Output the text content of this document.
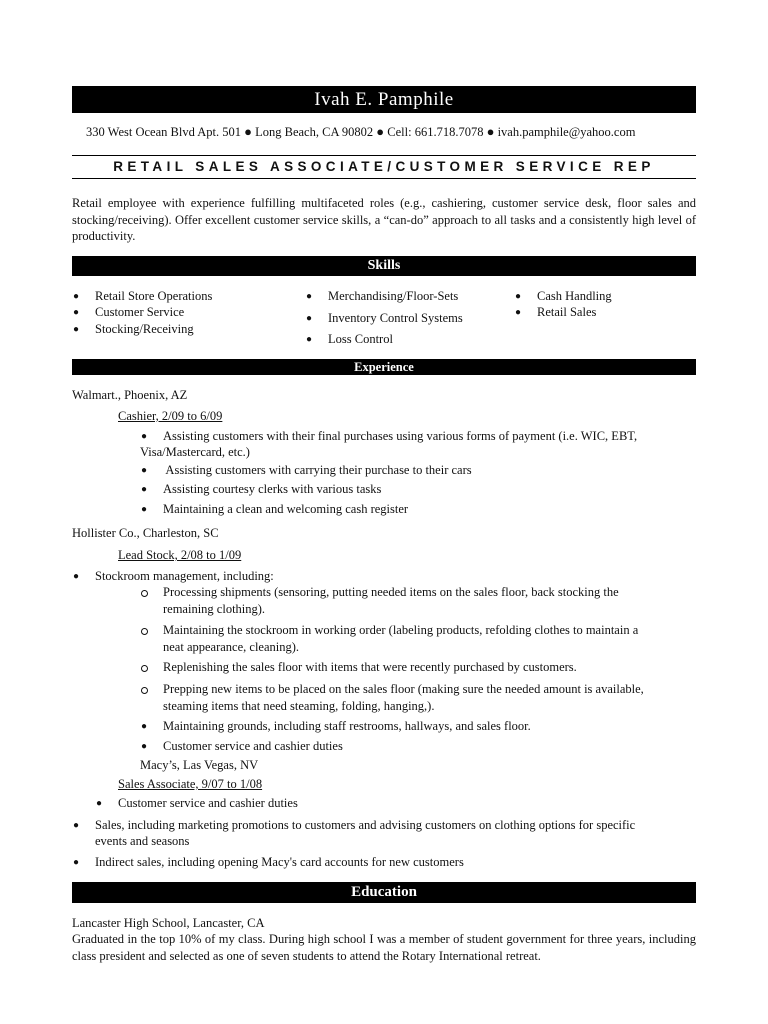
Ivah E. Pamphile
330 West Ocean Blvd Apt. 501 ● Long Beach, CA 90802 ● Cell: 661.718.7078 ● ivah.pamphile@yahoo.com
RETAIL SALES ASSOCIATE/CUSTOMER SERVICE REP
Retail employee with experience fulfilling multifaceted roles (e.g., cashiering, customer service desk, floor sales and stocking/receiving). Offer excellent customer service skills, a “can-do” approach to all tasks and a consistently high level of productivity.
Skills
● Retail Store Operations
● Customer Service
● Stocking/Receiving
● Merchandising/Floor-Sets
● Inventory Control Systems
● Loss Control
● Cash Handling
● Retail Sales
Experience
Walmart., Phoenix, AZ
Cashier, 2/09 to 6/09
● Assisting customers with their final purchases using various forms of payment (i.e. WIC, EBT,
Visa/Mastercard, etc.)
● Assisting customers with carrying their purchase to their cars
● Assisting courtesy clerks with various tasks
● Maintaining a clean and welcoming cash register
Hollister Co., Charleston, SC
Lead Stock, 2/08 to 1/09
● Stockroom management, including:
Processing shipments (sensoring, putting needed items on the sales floor, back stocking the
remaining clothing).
Maintaining the stockroom in working order (labeling products, refolding clothes to maintain a
neat appearance, cleaning).
Replenishing the sales floor with items that were recently purchased by customers.
Prepping new items to be placed on the sales floor (making sure the needed amount is available,
steaming items that need steaming, folding, hanging,).
● Maintaining grounds, including staff restrooms, hallways, and sales floor.
● Customer service and cashier duties
Macy’s, Las Vegas, NV
Sales Associate, 9/07 to 1/08
● Customer service and cashier duties
● Sales, including marketing promotions to customers and advising customers on clothing options for specific
events and seasons
● Indirect sales, including opening Macy's card accounts for new customers
Education
Lancaster High School, Lancaster, CA
Graduated in the top 10% of my class. During high school I was a member of student government for three years, including class president and selected as one of seven students to attend the Rotary International retreat.
